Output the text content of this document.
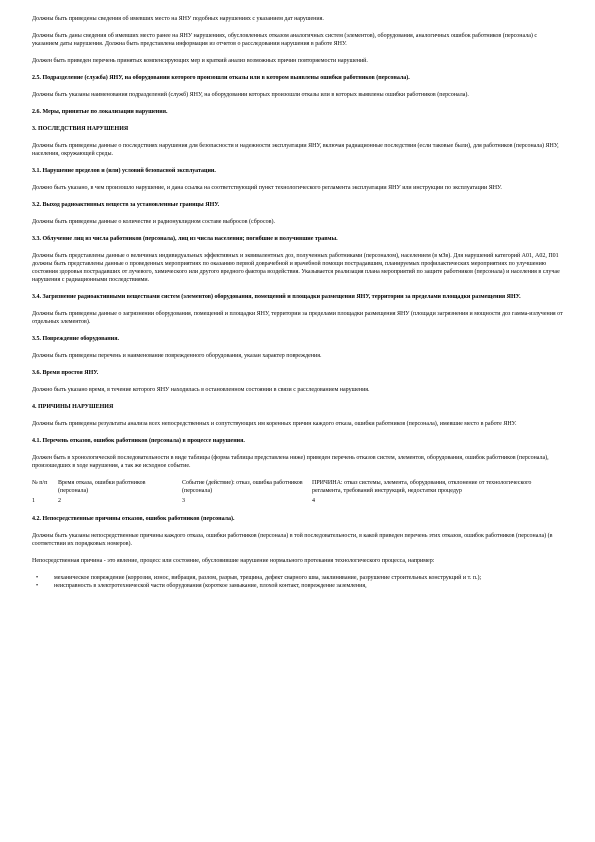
Должны быть приведены сведения об имевших место на ЯНУ подобных нарушениях с указанием дат нарушения.
Должны быть даны сведения об имевших место ранее на ЯНУ нарушениях, обусловленных отказом аналогичных систем (элементов), оборудования, аналогичных ошибок работников (персонала) с указанием даты нарушения. Должна быть представлена информация из отчетов о расследовании нарушения в работе ЯНУ.
Должен быть приведен перечень принятых компенсирующих мер и краткий анализ возможных причин повторяемости нарушений.
2.5. Подразделение (служба) ЯНУ, на оборудовании которого произошли отказы или в котором выявлены ошибки работников (персонала).
Должны быть указаны наименования подразделений (служб) ЯНУ, на оборудовании которых произошли отказы или в которых выявлены ошибки работников (персонала).
2.6. Меры, принятые по локализации нарушения.
3. ПОСЛЕДСТВИЯ НАРУШЕНИЯ
Должны быть приведены данные о последствиях нарушения для безопасности и надежности эксплуатации ЯНУ, включая радиационные последствия (если таковые были), для работников (персонала) ЯНУ, населения, окружающей среды.
3.1. Нарушение пределов и (или) условий безопасной эксплуатации.
Должно быть указано, в чем произошло нарушение, и дана ссылка на соответствующий пункт технологического регламента эксплуатации ЯНУ или инструкции по эксплуатации ЯНУ.
3.2. Выход радиоактивных веществ за установленные границы ЯНУ.
Должны быть приведены данные о количестве и радионуклидном составе выбросов (сбросов).
3.3. Облучение лиц из числа работников (персонала), лиц из числа населения; погибшие и получившие травмы.
Должны быть представлены данные о величинах индивидуальных эффективных и эквивалентных доз, полученных работниками (персоналом), населением (в мЗв). Для нарушений категорий А01, А02, П01 должны быть представлены данные о проведенных мероприятиях по оказанию первой доврачебной и врачебной помощи пострадавшим, планируемых профилактических мероприятиях по улучшению состояния здоровья пострадавших от лучевого, химического или другого вредного фактора воздействия. Указывается реализация плана мероприятий по защите работников (персонала) и населения в случае нарушения с радиационными последствиями.
3.4. Загрязнение радиоактивными веществами систем (элементов) оборудования, помещений и площадки размещения ЯНУ, территории за пределами площадки размещения ЯНУ.
Должны быть приведены данные о загрязнении оборудования, помещений и площадки ЯНУ, территории за пределами площадки размещения ЯНУ (площади загрязнения и мощности доз гамма-излучения от отдельных элементов).
3.5. Повреждение оборудования.
Должны быть приведены перечень и наименование поврежденного оборудования, указан характер повреждения.
3.6. Время простоя ЯНУ.
Должно быть указано время, в течение которого ЯНУ находилась в остановленном состоянии в связи с расследованием нарушения.
4. ПРИЧИНЫ НАРУШЕНИЯ
Должны быть приведены результаты анализа всех непосредственных и сопутствующих им коренных причин каждого отказа, ошибки работников (персонала), имевшие место в работе ЯНУ.
4.1. Перечень отказов, ошибок работников (персонала) в процессе нарушения.
Должен быть в хронологической последовательности в виде таблицы (форма таблицы представлена ниже) приведен перечень отказов систем, элементов, оборудования, ошибок работников (персонала), произошедших в ходе нарушения, а так же исходное событие.
№ п/п	Время отказа, ошибки работников (персонала)	Событие (действие): отказ, ошибка работников (персонала)	ПРИЧИНА: отказ системы, элемента, оборудования, отклонение от технологического регламента, требований инструкций, недостатки процедур
1	2	3	4
4.2. Непосредственные причины отказов, ошибок работников (персонала).
Должны быть указаны непосредственные причины каждого отказа, ошибки работников (персонала) в той последовательности, в какой приведен перечень этих отказов, ошибок работников (персонала) (в соответствии их порядковых номеров).
Непосредственная причина - это явление, процесс или состояние, обусловившие нарушение нормального протекания технологического процесса, например:
•	механическое повреждение (коррозия, износ, вибрация, разлом, разрыв, трещина, дефект сварного шва, заклинивание, разрушение строительных конструкций и т. п.);
•	неисправность в электротехнической части оборудования (короткое замыкание, плохой контакт, повреждение заземления,
